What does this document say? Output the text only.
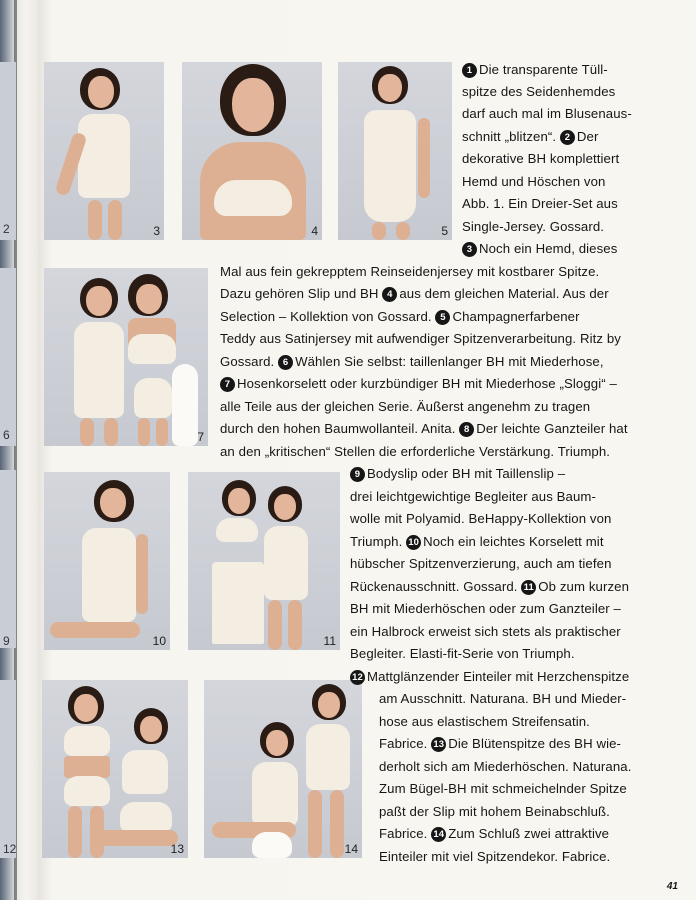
2
6
9
12
3	4	5
7
10	11
13	14
1 Die transparente Tüll-
spitze des Seidenhemdes
darf auch mal im Blusenaus-
schnitt „blitzen“. 2 Der
dekorative BH komplettiert
Hemd und Höschen von
Abb. 1. Ein Dreier-Set aus
Single-Jersey. Gossard.
3 Noch ein Hemd, dieses
Mal aus fein gekrepptem Reinseidenjersey mit kostbarer Spitze.
Dazu gehören Slip und BH 4 aus dem gleichen Material. Aus der
Selection – Kollektion von Gossard. 5 Champagnerfarbener
Teddy aus Satinjersey mit aufwendiger Spitzenverarbeitung. Ritz by
Gossard. 6 Wählen Sie selbst: taillenlanger BH mit Miederhose,
7 Hosenkorselett oder kurzbündiger BH mit Miederhose „Sloggi“ –
alle Teile aus der gleichen Serie. Äußerst angenehm zu tragen
durch den hohen Baumwollanteil. Anita. 8 Der leichte Ganzteiler hat
an den „kritischen“ Stellen die erforderliche Verstärkung. Triumph.
9 Bodyslip oder BH mit Taillenslip –
drei leichtgewichtige Begleiter aus Baum-
wolle mit Polyamid. BeHappy-Kollektion von
Triumph. 10 Noch ein leichtes Korselett mit
hübscher Spitzenverzierung, auch am tiefen
Rückenausschnitt. Gossard. 11 Ob zum kurzen
BH mit Miederhöschen oder zum Ganzteiler –
ein Halbrock erweist sich stets als praktischer
Begleiter. Elasti-fit-Serie von Triumph.
12 Mattglänzender Einteiler mit Herzchenspitze
am Ausschnitt. Naturana. BH und Mieder-
hose aus elastischem Streifensatin.
Fabrice. 13 Die Blütenspitze des BH wie-
derholt sich am Miederhöschen. Naturana.
Zum Bügel-BH mit schmeichelnder Spitze
paßt der Slip mit hohem Beinabschluß.
Fabrice. 14 Zum Schluß zwei attraktive
Einteiler mit viel Spitzendekor. Fabrice.
41
